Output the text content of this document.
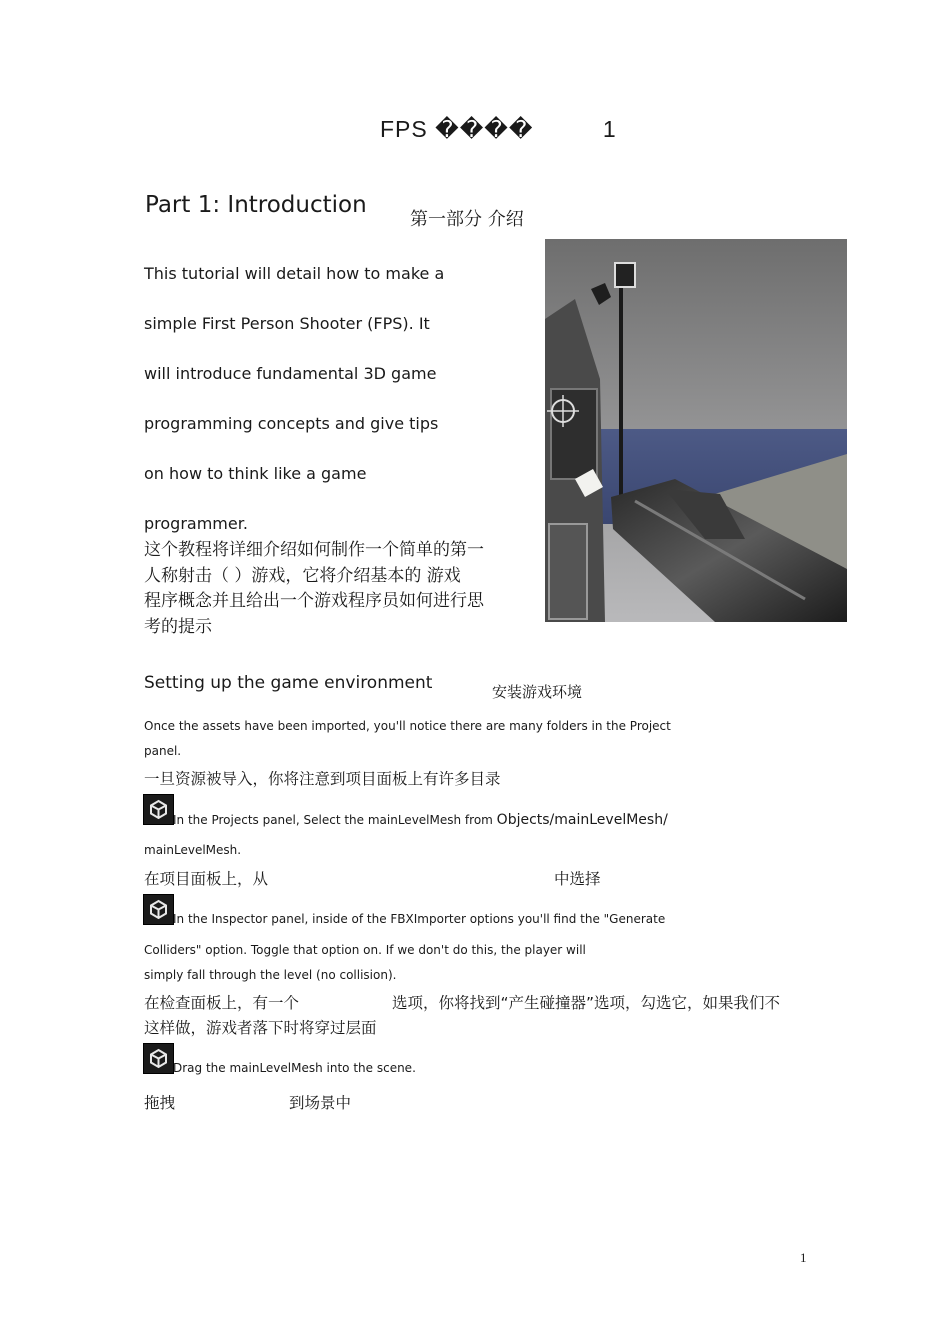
FPS ����	1
Part 1: Introduction
第一部分 介绍
This tutorial will detail how to make a
simple First Person Shooter (FPS). It
will introduce fundamental 3D game
programming concepts and give tips
on how to think like a game
programmer.
这个教程将详细介绍如何制作一个简单的第一
人称射击（ ）游戏，它将介绍基本的 游戏
程序概念并且给出一个游戏程序员如何进行思
考的提示
Setting up the game environment	安装游戏环境
Once the assets have been imported, you'll notice there are many folders in the Project
panel.
一旦资源被导入，你将注意到项目面板上有许多目录
In the Projects panel, Select the mainLevelMesh from Objects/mainLevelMesh/
mainLevelMesh.
在项目面板上，从	中选择
In the Inspector panel, inside of the FBXImporter options you'll find the "Generate
Colliders" option. Toggle that option on. If we don't do this, the player will
simply fall through the level (no collision).
在检查面板上，有一个	选项，你将找到“产生碰撞器”选项，勾选它，如果我们不
这样做，游戏者落下时将穿过层面
Drag the mainLevelMesh into the scene.
拖拽	到场景中
1
